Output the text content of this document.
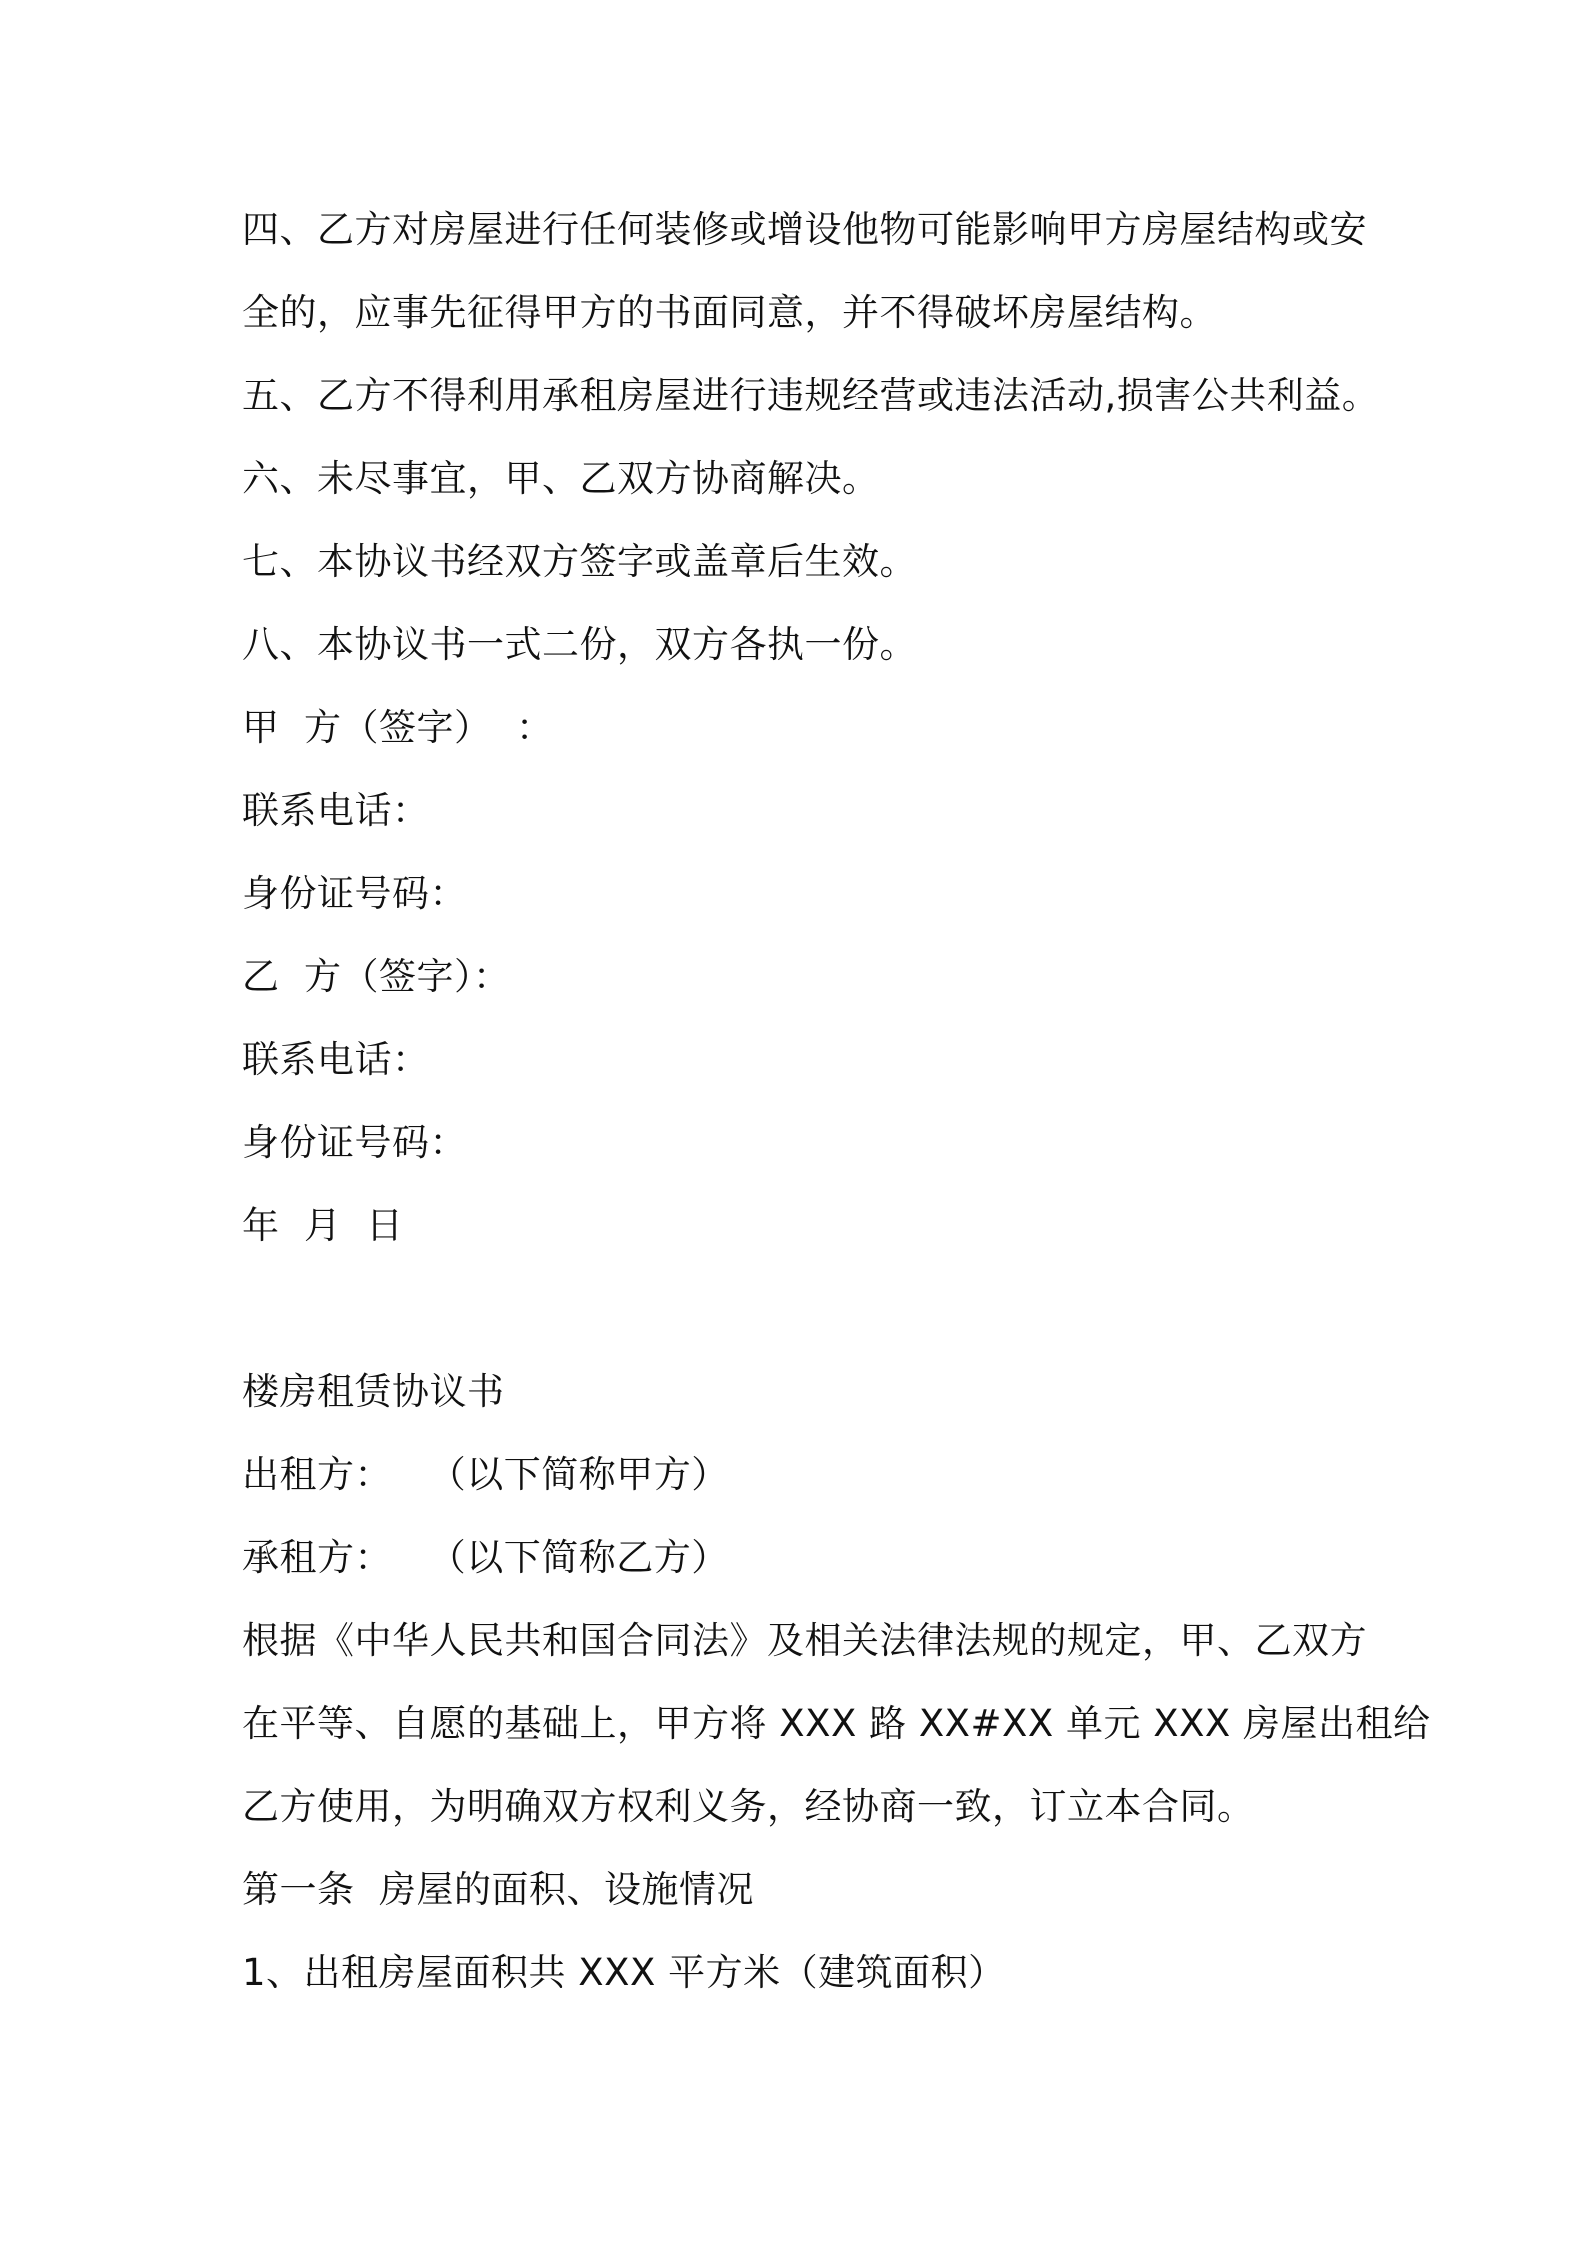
四、乙方对房屋进行任何装修或增设他物可能影响甲方房屋结构或安
全的，应事先征得甲方的书面同意，并不得破坏房屋结构。
五、乙方不得利用承租房屋进行违规经营或违法活动,损害公共利益。
六、未尽事宜，甲、乙双方协商解决。
七、本协议书经双方签字或盖章后生效。
八、本协议书一式二份，双方各执一份。
甲  方（签字）  ：
联系电话：
身份证号码：
乙  方（签字）：
联系电话：
身份证号码：
年  月  日
楼房租赁协议书
出租方：   （以下简称甲方）
承租方：   （以下简称乙方）
根据《中华人民共和国合同法》及相关法律法规的规定，甲、乙双方
在平等、自愿的基础上，甲方将 XXX 路 XX#XX 单元 XXX 房屋出租给
乙方使用，为明确双方权利义务，经协商一致，订立本合同。
第一条  房屋的面积、设施情况
1、出租房屋面积共 XXX 平方米（建筑面积）
